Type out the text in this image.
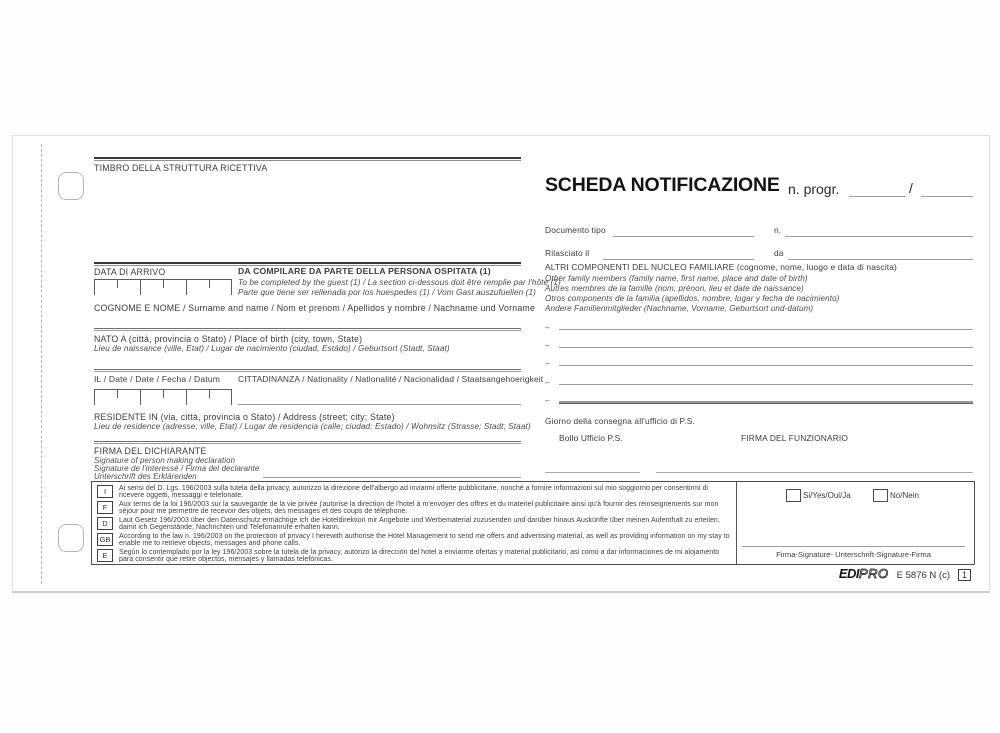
TIMBRO DELLA STRUTTURA RICETTIVA
DATA DI ARRIVO	DA COMPILARE DA PARTE DELLA PERSONA OSPITATA (1)
To be completed by the guest (1) / La section ci-dessous doit être remplie par l'hôte (1)
Parte que tiene ser rellenada por los huespedes (1) / Vom Gast auszufuellen (1)
COGNOME E NOME / Surname and name / Nom et prenom / Apellidos y nombre / Nachname und Vorname
NATO A (città, provincia o Stato) / Place of birth (city, town, State)
Lieu de naissance (ville, Etat) / Lugar de nacimiento (ciudad, Estádo) / Geburtsort (Stadt, Staat)
IL / Date / Date / Fecha / Datum CITTADINANZA / Nationality / Nationalité / Nacionalidad / Staatsangehoerigkeit
RESIDENTE IN (via, città, provincia o Stato) / Address (street; city; State)
Lieu de residence (adresse; ville, Etat) / Lugar de residencia (calle; ciudad; Estado) / Wohnsitz (Strasse; Stadt; Staat)
FIRMA DEL DICHIARANTE
Signature of person making declaration
Signature de l'interessé / Firma del declarante
Unterschrift des Erklärenden
SCHEDA NOTIFICAZIONE n. progr.	/
Documento tipo	n.
Rilasciato il	da
ALTRI COMPONENTI DEL NUCLEO FAMILIARE (cognome, nome, luogo e data di nascita)
Other family members (family name, first name, place and date of birth)
Autres membres de la famille (nom, prénon, lieu et date de naissance)
Otros components de la familia (apellidos, nombre, lugar y fecha de nacimiento)
Andere Familienmitglieder (Nachname, Vorname, Geburtsort und-datum)
–
–
–
–
–
Giorno della consegna all'ufficio di P.S.
Bollo Ufficio P.S.	FIRMA DEL FUNZIONARIO
I	Ai sensi del D. Lgs. 196/2003 sulla tutela della privacy, autorizzo la direzione dell'albergo ad inviarmi offerte pubblicitarie, nonché a fornire informazioni sul mio soggiorno per consentirmi di ricevere oggetti, messaggi e telefonate.
F	Aux terms de la loi 196/2003 sur la sauvegarde de la vie privée j'autorise la direction de l'hotel à m'envoyer des offres et du materiel publicitaire ainsi qu'à fournir des reinseignements sur mon séjour pour me permettre de recevoir des objets, des messages et des coups de téléphone.
D	Laut Gesetz 196/2003 über den Datenschutz ermächtige ich die Hoteldirektion mir Angebote und Werbematerial zuzusenden und darüber hinaus Auskünfte über meinen Aufenthalt zu erteilen, damit ich Gegenstände, Nachrichten und Telefonanrufe erhalten kann.
GB	According to the law n. 196/2003 on the protection of privacy I herewith authorise the Hotel Management to send me offers and advertising material, as well as providing information on my stay to enable me to retrieve objects, messages and phone calls.
E	Según lo contemplado por la ley 196/2003 sobre la tutela de la privacy, autorizo la dirección del hotel a enviarme ofertas y material publicitario, asi como a dar informaciones de mi alojamento para consentir que retire objectos, mensajes y llamadas telefónicas.
Si/Yes/Oui/Ja	No/Nein
Firma-Signature- Unterschrift-Signature-Firma
EDIPRO E 5876 N (c) 1
